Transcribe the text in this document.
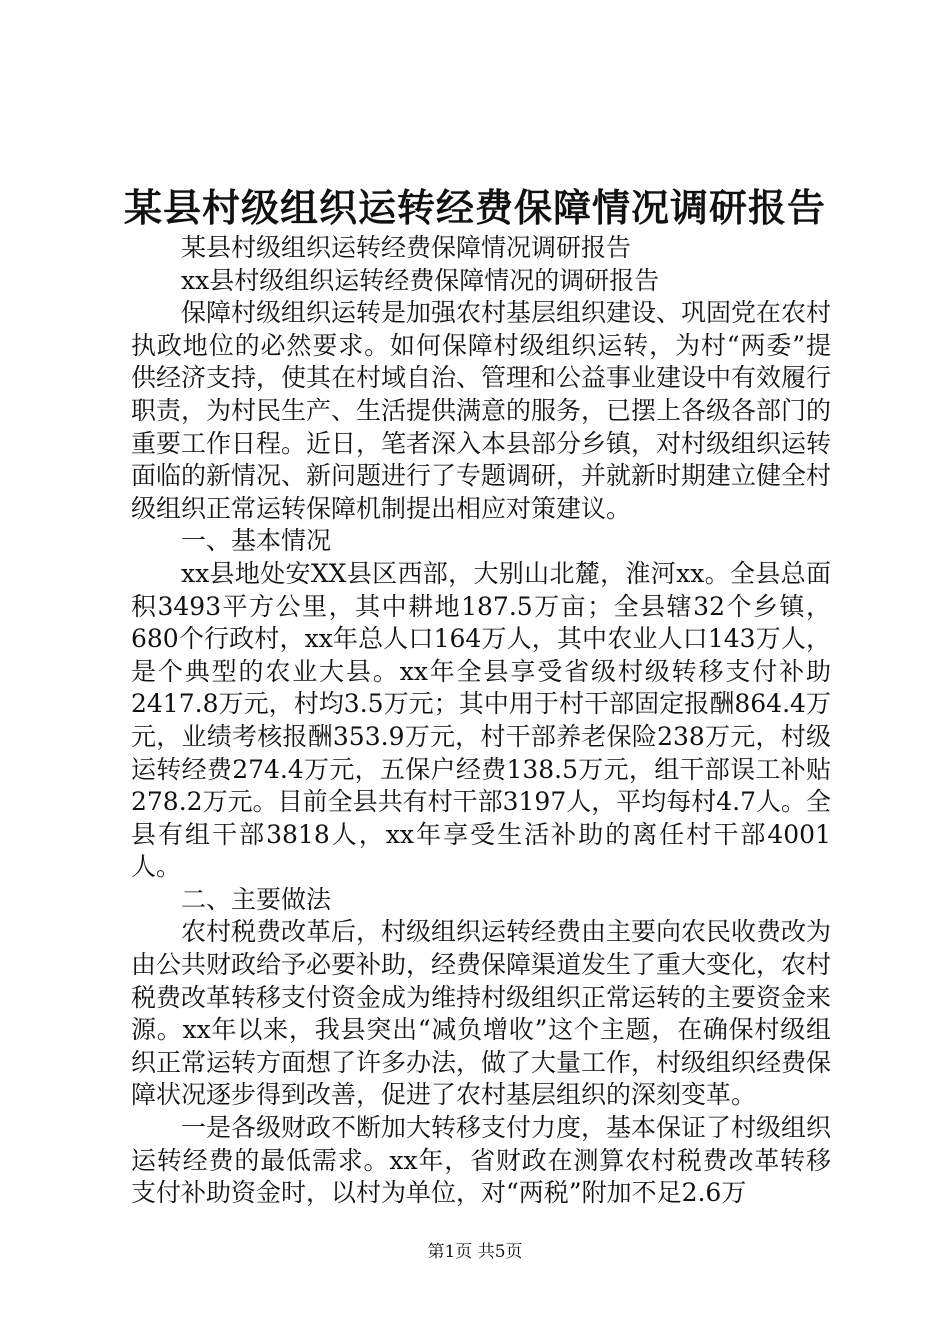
某县村级组织运转经费保障情况调研报告

某县村级组织运转经费保障情况调研报告

xx县村级组织运转经费保障情况的调研报告

保障村级组织运转是加强农村基层组织建设、巩固党在农村执政地位的必然要求。如何保障村级组织运转，为村“两委”提供经济支持，使其在村域自治、管理和公益事业建设中有效履行职责，为村民生产、生活提供满意的服务，已摆上各级各部门的重要工作日程。近日，笔者深入本县部分乡镇，对村级组织运转面临的新情况、新问题进行了专题调研，并就新时期建立健全村级组织正常运转保障机制提出相应对策建议。

一、基本情况

xx县地处安XX县区西部，大别山北麓，淮河xx。全县总面积3493平方公里，其中耕地187.5万亩；全县辖32个乡镇，680个行政村，xx年总人口164万人，其中农业人口143万人，是个典型的农业大县。xx年全县享受省级村级转移支付补助2417.8万元，村均3.5万元；其中用于村干部固定报酬864.4万元，业绩考核报酬353.9万元，村干部养老保险238万元，村级运转经费274.4万元，五保户经费138.5万元，组干部误工补贴278.2万元。目前全县共有村干部3197人，平均每村4.7人。全县有组干部3818人，xx年享受生活补助的离任村干部4001人。

二、主要做法

农村税费改革后，村级组织运转经费由主要向农民收费改为由公共财政给予必要补助，经费保障渠道发生了重大变化，农村税费改革转移支付资金成为维持村级组织正常运转的主要资金来源。xx年以来，我县突出“减负增收”这个主题，在确保村级组织正常运转方面想了许多办法，做了大量工作，村级组织经费保障状况逐步得到改善，促进了农村基层组织的深刻变革。

一是各级财政不断加大转移支付力度，基本保证了村级组织运转经费的最低需求。xx年，省财政在测算农村税费改革转移支付补助资金时，以村为单位，对“两税”附加不足2.6万

第1页 共5页
